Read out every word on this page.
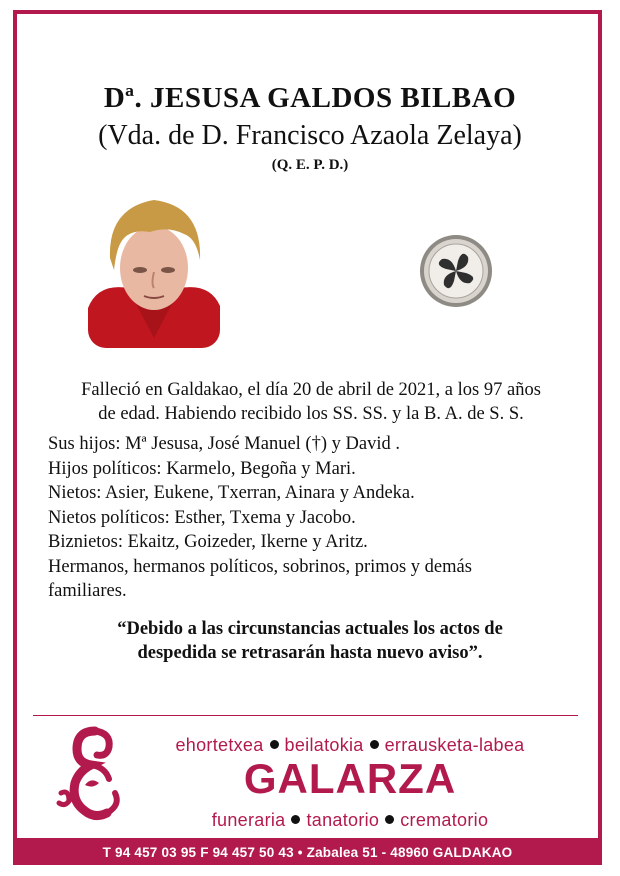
Dª. JESUSA GALDOS BILBAO
(Vda. de D. Francisco Azaola Zelaya)
(Q. E. P. D.)
Falleció en Galdakao, el día 20 de abril de 2021, a los 97 años
de edad. Habiendo recibido los SS. SS. y la B. A. de S. S.
Sus hijos: Mª Jesusa, José Manuel (†) y David .
Hijos políticos: Karmelo, Begoña y Mari.
Nietos: Asier, Eukene, Txerran, Ainara y Andeka.
Nietos políticos: Esther, Txema y Jacobo.
Biznietos: Ekaitz, Goizeder, Ikerne y Aritz.
Hermanos, hermanos políticos, sobrinos, primos y demás
familiares.
“Debido a las circunstancias actuales los actos de
despedida se retrasarán hasta nuevo aviso”.
ehortetxea beilatokia errausketa-labea
GALARZA
funeraria tanatorio crematorio
T 94 457 03 95 F 94 457 50 43 • Zabalea 51 - 48960 GALDAKAO
